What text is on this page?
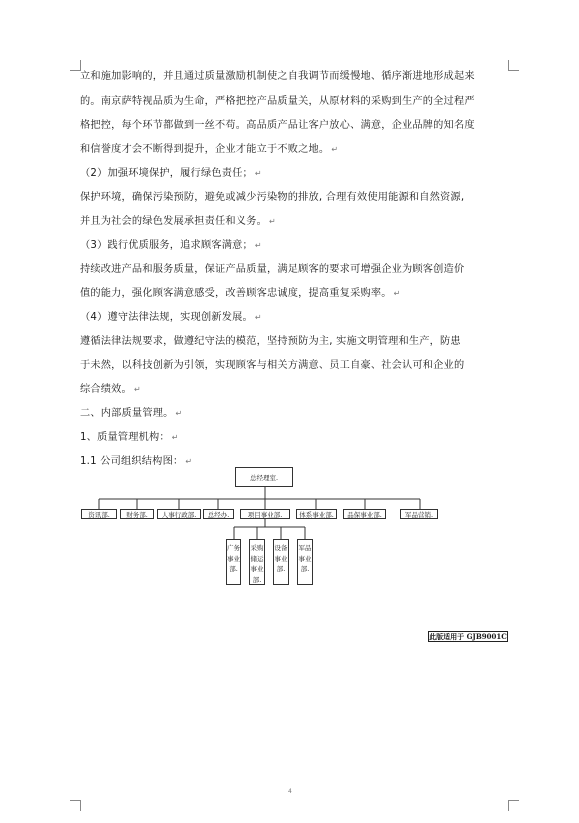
立和施加影响的，并且通过质量激励机制使之自我调节而缓慢地、循序渐进地形成起来
的。南京萨特视品质为生命，严格把控产品质量关，从原材料的采购到生产的全过程严
格把控，每个环节都做到一丝不苟。高品质产品让客户放心、满意，企业品牌的知名度
和信誉度才会不断得到提升，企业才能立于不败之地。 ↵
（2）加强环境保护，履行绿色责任； ↵
保护环境，确保污染预防，避免或减少污染物的排放, 合理有效使用能源和自然资源,
并且为社会的绿色发展承担责任和义务。 ↵
（3）践行优质服务，追求顾客满意； ↵
持续改进产品和服务质量，保证产品质量，满足顾客的要求可增强企业为顾客创造价
值的能力，强化顾客满意感受，改善顾客忠诚度，提高重复采购率。 ↵
（4）遵守法律法规，实现创新发展。 ↵
遵循法律法规要求，做遵纪守法的模范，坚持预防为主, 实施文明管理和生产，防患
于未然，以科技创新为引领，实现顾客与相关方满意、员工自豪、社会认可和企业的
综合绩效。 ↵
二、内部质量管理。 ↵
1、质量管理机构： ↵
1.1 公司组织结构图： ↵
总经理室.
资讯部.	财务部.	人事行政部.	总经办.	项目事业部.	体系事业部.	品保事业部.	军品营销.
广务事业部.
采购储运事业部.
设备事业部.
军品事业部.
此版适用于 GJB9001C
4
